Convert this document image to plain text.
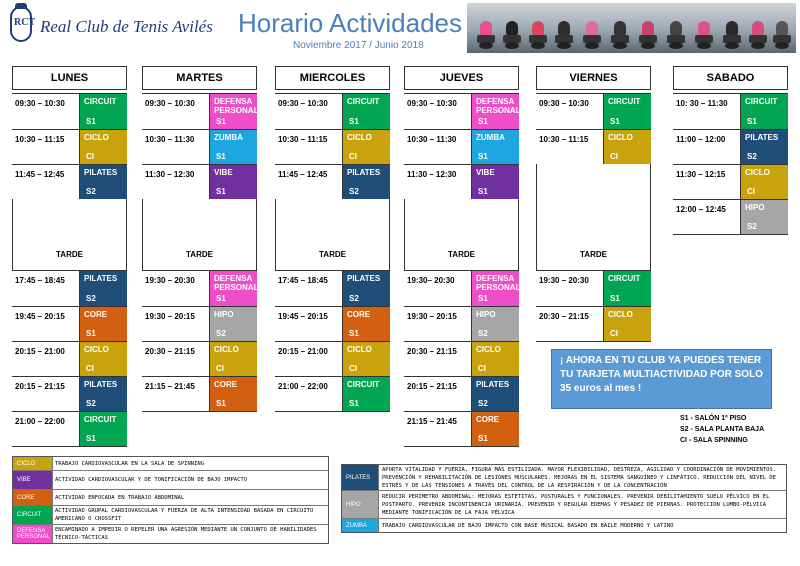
RCT Real Club de Tenis Avilés Horario Actividades
Noviembre 2017 / Junio 2018
LUNES
09:30 – 10:30	CIRCUIT
S1
10:30 – 11:15	CICLO
CI
11:45 – 12:45	PILATES
S2
TARDE
17:45 – 18:45	PILATES
S2
19:45 – 20:15	CORE
S1
20:15 – 21:00	CICLO
CI
20:15 – 21:15	PILATES
S2
21:00 – 22:00	CIRCUIT
S1
MARTES
09:30 – 10:30	DEFENSA PERSONAL
S1
10:30 – 11:30	ZUMBA
S1
11:30 – 12:30	VIBE
S1
TARDE
19:30 – 20:30	DEFENSA PERSONAL
S1
19:30 – 20:15	HIPO
S2
20:30 – 21:15	CICLO
CI
21:15 – 21:45	CORE
S1
MIERCOLES
09:30 – 10:30	CIRCUIT
S1
10:30 – 11:15	CICLO
CI
11:45 – 12:45	PILATES
S2
TARDE
17:45 – 18:45	PILATES
S2
19:45 – 20:15	CORE
S1
20:15 – 21:00	CICLO
CI
21:00 – 22:00	CIRCUIT
S1
JUEVES
09:30 – 10:30	DEFENSA PERSONAL
S1
10:30 – 11:30	ZUMBA
S1
11:30 – 12:30	VIBE
S1
TARDE
19:30– 20:30	DEFENSA PERSONAL
S1
19:30 – 20:15	HIPO
S2
20:30 – 21:15	CICLO
CI
20:15 – 21:15	PILATES
S2
21:15 – 21:45	CORE
S1
VIERNES
09:30 – 10:30	CIRCUIT
S1
10:30 – 11:15	CICLO
CI
TARDE
19:30 – 20:30	CIRCUIT
S1
20:30 – 21:15	CICLO
CI
SABADO
10: 30 – 11:30	CIRCUIT
S1
11:00 – 12:00	PILATES
S2
11:30 – 12:15	CICLO
CI
12:00 – 12:45	HIPO
S2
¡ AHORA EN TU CLUB YA PUEDES TENER TU TARJETA MULTIACTIVIDAD POR SOLO 35 euros al mes !
S1 - SALÓN 1º PISO
S2 - SALA PLANTA BAJA
CI - SALA SPINNING
CICLO	TRABAJO CARDIOVASCULAR EN LA SALA DE SPINNING
VIBE	ACTIVIDAD CARDIOVASCULAR Y DE TONIFICACIÓN DE BAJO IMPACTO
CORE	ACTIVIDAD ENFOCADA EN TRABAJO ABDOMINAL
CIRCUIT
ACTIVIDAD GRUPAL CARDIOVASCULAR Y FUERZA DE ALTA INTENSIDAD BASADA EN CIRCUITO AMERICANO O CROSSFIT
DEFENSA PERSONAL
ENCAMINADO A IMPEDIR O REPELER UNA AGRESIÓN MEDIANTE UN CONJUNTO DE HABILIDADES TÉCNICO-TÁCTICAS
PILATES
APORTA VITALIDAD Y FUERZA, FIGURA MÁS ESTILIZADA. MAYOR FLEXIBILIDAD, DESTREZA, AGILIDAD Y COORDINACIÓN DE MOVIMIENTOS. PREVENCIÓN Y REHABILITACIÓN DE LESIONES MUSCULARES. MEJORAS EN EL SISTEMA SANGUÍNEO Y LINFÁTICO. REDUCCIÓN DEL NIVEL DE ESTRÉS Y DE LAS TENSIONES A TRAVÉS DEL CONTROL DE LA RESPIRACIÓN Y DE LA CONCENTRACIÓN
HIPO
REDUCIR PERIMETRO ABDOMINAL: MEJORAS ESTETITAS, POSTURALES Y FUNCIONALES. PREVENIR DEBILITAMIENTO SUELO PÉLVICO EN EL POSTPARTO. PREVENIR INCONTINENCIA URINARIA. PREVENIR Y REGULAR EDEMAS Y PESADEZ DE PIERNAS. PROTECCION LUMBO-PÉLVICA MEDIANTE TONIFICACIÓN DE LA FAJA PÉLVICA
ZUMBA	TRABAJO CARDIOVASCULAR DE BAJO IMPACTO CON BASE MUSICAL BASADO EN BAILE MODERNO Y LATINO
